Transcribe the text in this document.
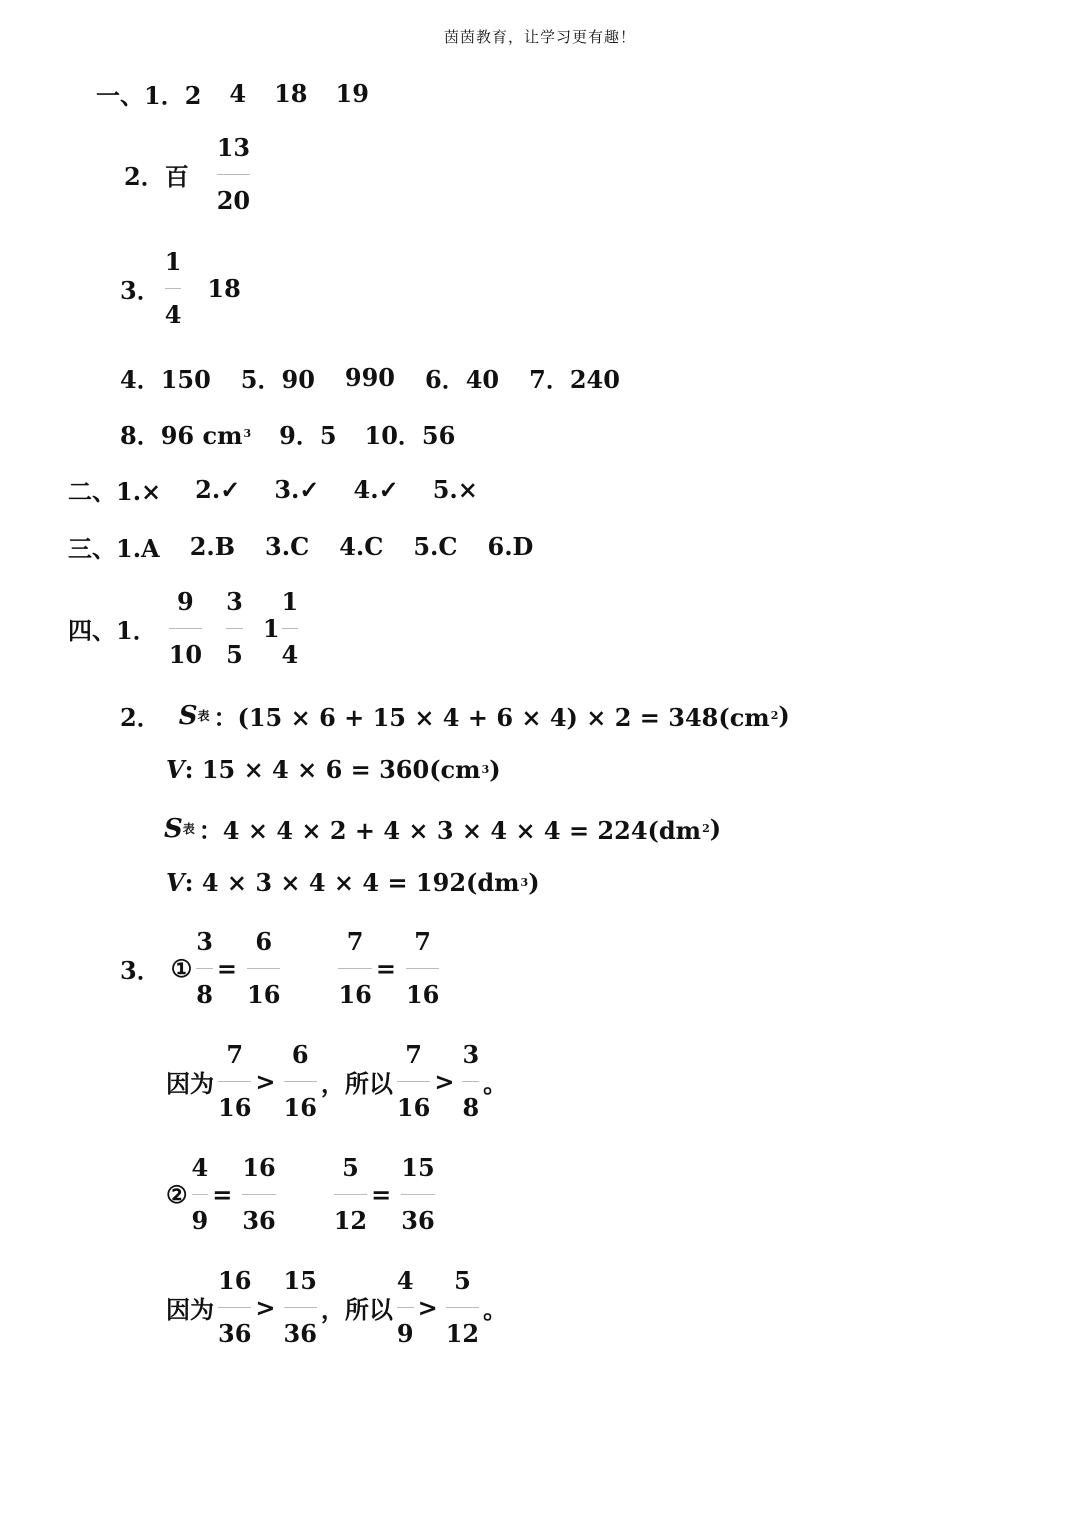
茵茵教育，让学习更有趣！
一、1．2 4 18 19
2．百 $\frac{13}{20}$
3． $\frac{1}{4} 18$
4．150 5．90 990 6．40 7．240
8．96 cm 3 9．5 10．56
二、1.× 2.✓ 3.✓ 4.✓ 5.×
三、1.A 2.B 3.C 4.C 5.C 6.D
四、1． $\frac{9}{10} \frac{3}{5} 1 \frac{1}{4}$
2． S 表 ：(15 × 6 + 15 × 4 + 6 × 4) × 2 = 348(cm 2 )
V : 15 × 4 × 6 = 360(cm 3 )
S 表 ：4 × 4 × 2 + 4 × 3 × 4 × 4 = 224(dm 2 )
V : 4 × 3 × 4 × 4 = 192(dm 3 )
3． ① $\frac{3}{8} = \frac{6}{16} \frac{7}{16} = \frac{7}{16}$
因为 $\frac{7}{16} > \frac{6}{16}$ ，所以 $\frac{7}{16} > \frac{3}{8}$ 。
② $\frac{4}{9} = \frac{16}{36} \frac{5}{12} = \frac{15}{36}$
因为 $\frac{16}{36} > \frac{15}{36}$ ，所以 $\frac{4}{9} > \frac{5}{12}$ 。
